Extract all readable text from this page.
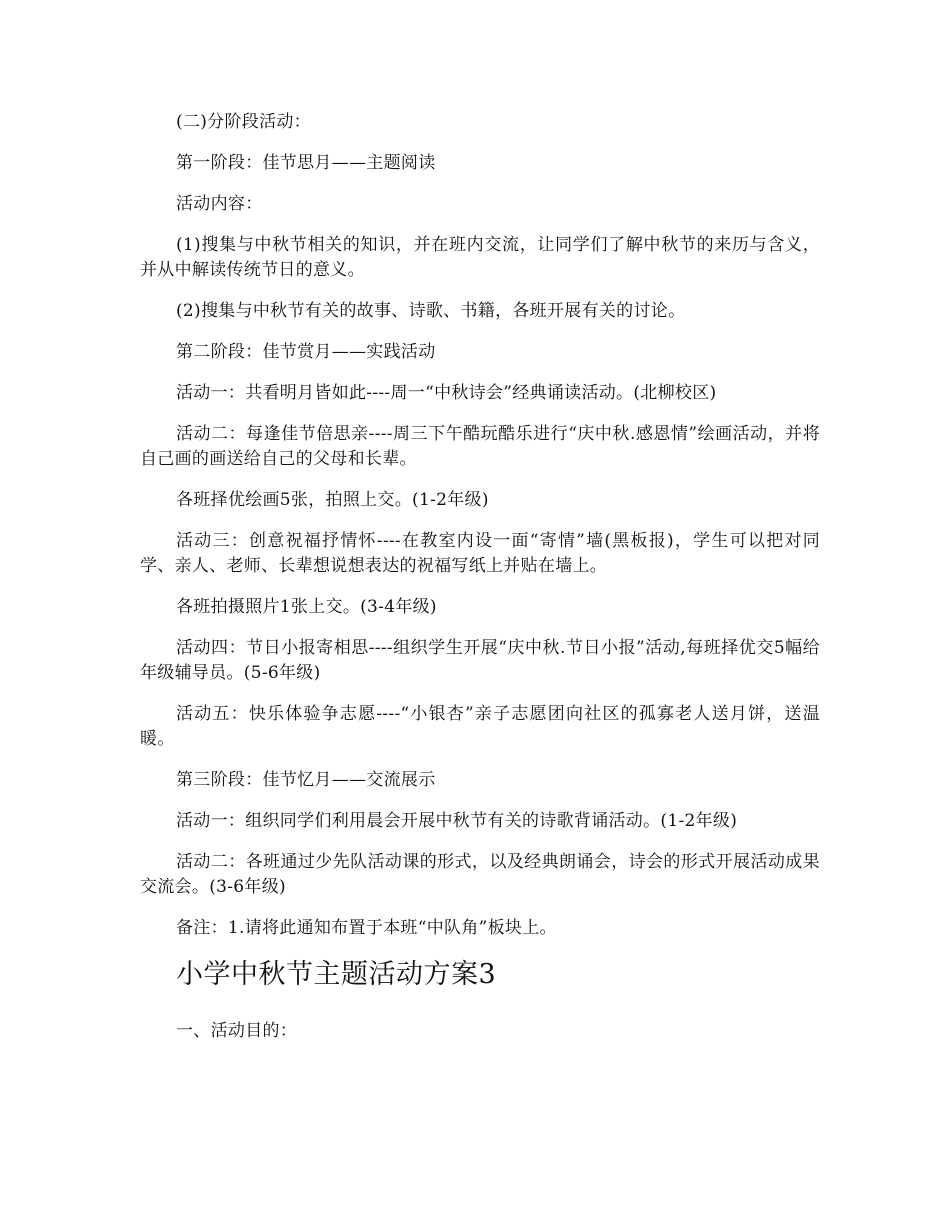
(二)分阶段活动：

第一阶段：佳节思月——主题阅读

活动内容：

(1)搜集与中秋节相关的知识，并在班内交流，让同学们了解中秋节的来历与含义，并从中解读传统节日的意义。

(2)搜集与中秋节有关的故事、诗歌、书籍，各班开展有关的讨论。

第二阶段：佳节赏月——实践活动

活动一：共看明月皆如此----周一“中秋诗会”经典诵读活动。(北柳校区)

活动二：每逢佳节倍思亲----周三下午酷玩酷乐进行“庆中秋.感恩情”绘画活动，并将自己画的画送给自己的父母和长辈。

各班择优绘画5张，拍照上交。(1-2年级)

活动三：创意祝福抒情怀----在教室内设一面“寄情”墙(黑板报)，学生可以把对同学、亲人、老师、长辈想说想表达的祝福写纸上并贴在墙上。

各班拍摄照片1张上交。(3-4年级)

活动四：节日小报寄相思----组织学生开展“庆中秋.节日小报”活动,每班择优交5幅给年级辅导员。(5-6年级)

活动五：快乐体验争志愿----“小银杏”亲子志愿团向社区的孤寡老人送月饼，送温暖。

第三阶段：佳节忆月——交流展示

活动一：组织同学们利用晨会开展中秋节有关的诗歌背诵活动。(1-2年级)

活动二：各班通过少先队活动课的形式，以及经典朗诵会，诗会的形式开展活动成果交流会。(3-6年级)

备注：1.请将此通知布置于本班“中队角”板块上。

小学中秋节主题活动方案3

一、活动目的：
